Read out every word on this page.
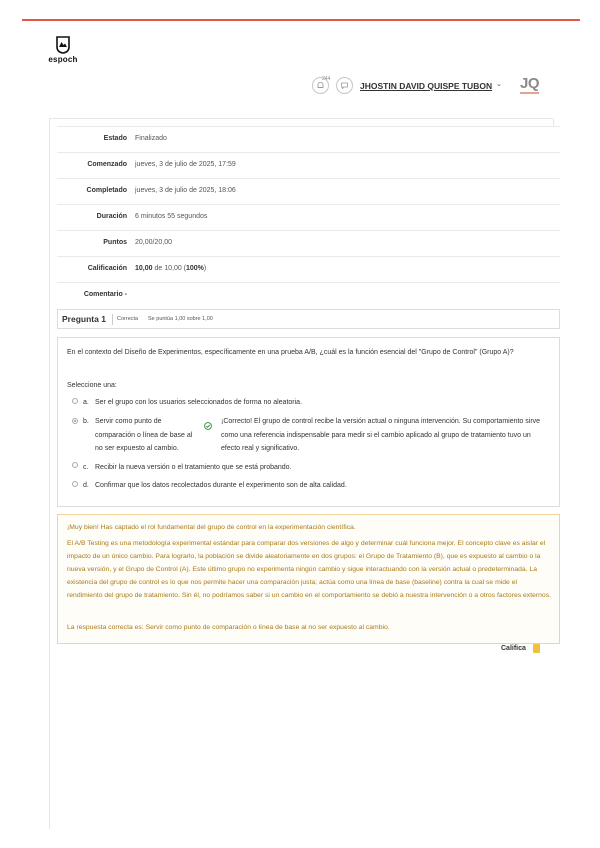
espoch
244
JHOSTIN DAVID QUISPE TUBON ⌄ JQ
Estado Finalizado
Comenzado jueves, 3 de julio de 2025, 17:59
Completado jueves, 3 de julio de 2025, 18:06
Duración 6 minutos 55 segundos
Puntos 20,00/20,00
Calificación 10,00 de 10,00 (100%)
Comentario -
Pregunta 1 Correcta Se puntúa 1,00 sobre 1,00
En el contexto del Diseño de Experimentos, específicamente en una prueba A/B, ¿cuál es la función esencial del "Grupo de Control" (Grupo A)?
Seleccione una:
a. Ser el grupo con los usuarios seleccionados de forma no aleatoria.
b. Servir como punto de comparación o línea de base al no ser expuesto al cambio.
¡Correcto! El grupo de control recibe la versión actual o ninguna intervención. Su comportamiento sirve como una referencia indispensable para medir si el cambio aplicado al grupo de tratamiento tuvo un efecto real y significativo.
c. Recibir la nueva versión o el tratamiento que se está probando.
d. Confirmar que los datos recolectados durante el experimento son de alta calidad.
¡Muy bien! Has captado el rol fundamental del grupo de control en la experimentación científica.
El A/B Testing es una metodología experimental estándar para comparar dos versiones de algo y determinar cuál funciona mejor. El concepto clave es aislar el impacto de un único cambio. Para lograrlo, la población se divide aleatoriamente en dos grupos: el Grupo de Tratamiento (B), que es expuesto al cambio o la nueva versión, y el Grupo de Control (A). Este último grupo no experimenta ningún cambio y sigue interactuando con la versión actual o predeterminada. La existencia del grupo de control es lo que nos permite hacer una comparación justa; actúa como una línea de base (baseline) contra la cual se mide el rendimiento del grupo de tratamiento. Sin él, no podríamos saber si un cambio en el comportamiento se debió a nuestra intervención o a otros factores externos.
La respuesta correcta es: Servir como punto de comparación o línea de base al no ser expuesto al cambio.
Califica
